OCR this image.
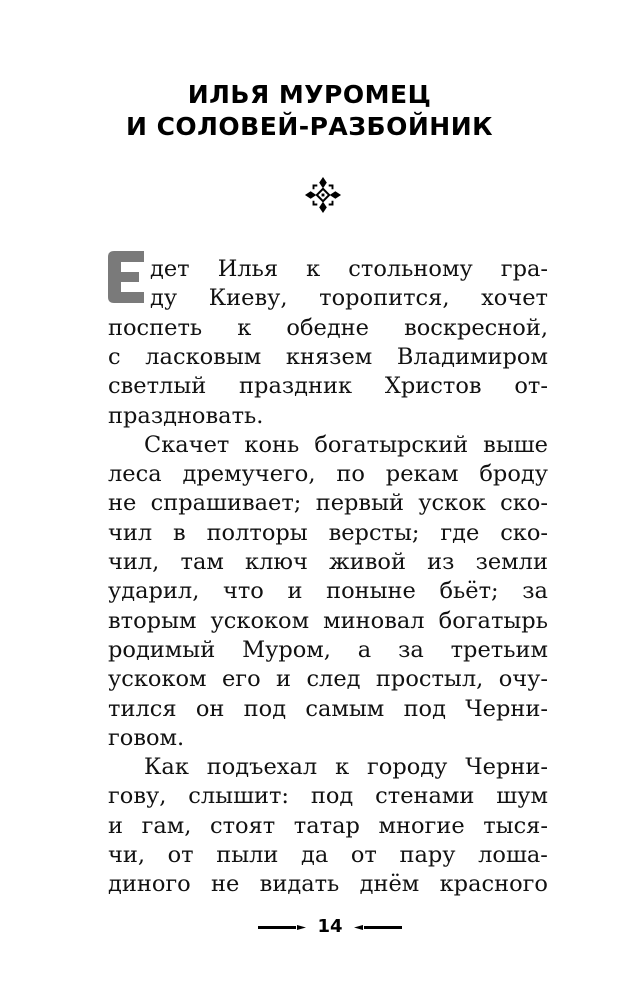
ИЛЬЯ МУРОМЕЦ
И СОЛОВЕЙ-РАЗБОЙНИК
дет Илья к стольному гра-
ду Киеву, торопится, хочет
поспеть к обедне воскресной,
с ласковым князем Владимиром
светлый праздник Христов от-
праздновать.
Скачет конь богатырский выше
леса дремучего, по рекам броду
не спрашивает; первый ускок ско-
чил в полторы версты; где ско-
чил, там ключ живой из земли
ударил, что и поныне бьёт; за
вторым ускоком миновал богатырь
родимый Муром, а за третьим
ускоком его и след простыл, очу-
тился он под самым под Черни-
говом.
Как подъехал к городу Черни-
гову, слышит: под стенами шум
и гам, стоят татар многие тыся-
чи, от пыли да от пару лоша-
диного не видать днём красного
14
